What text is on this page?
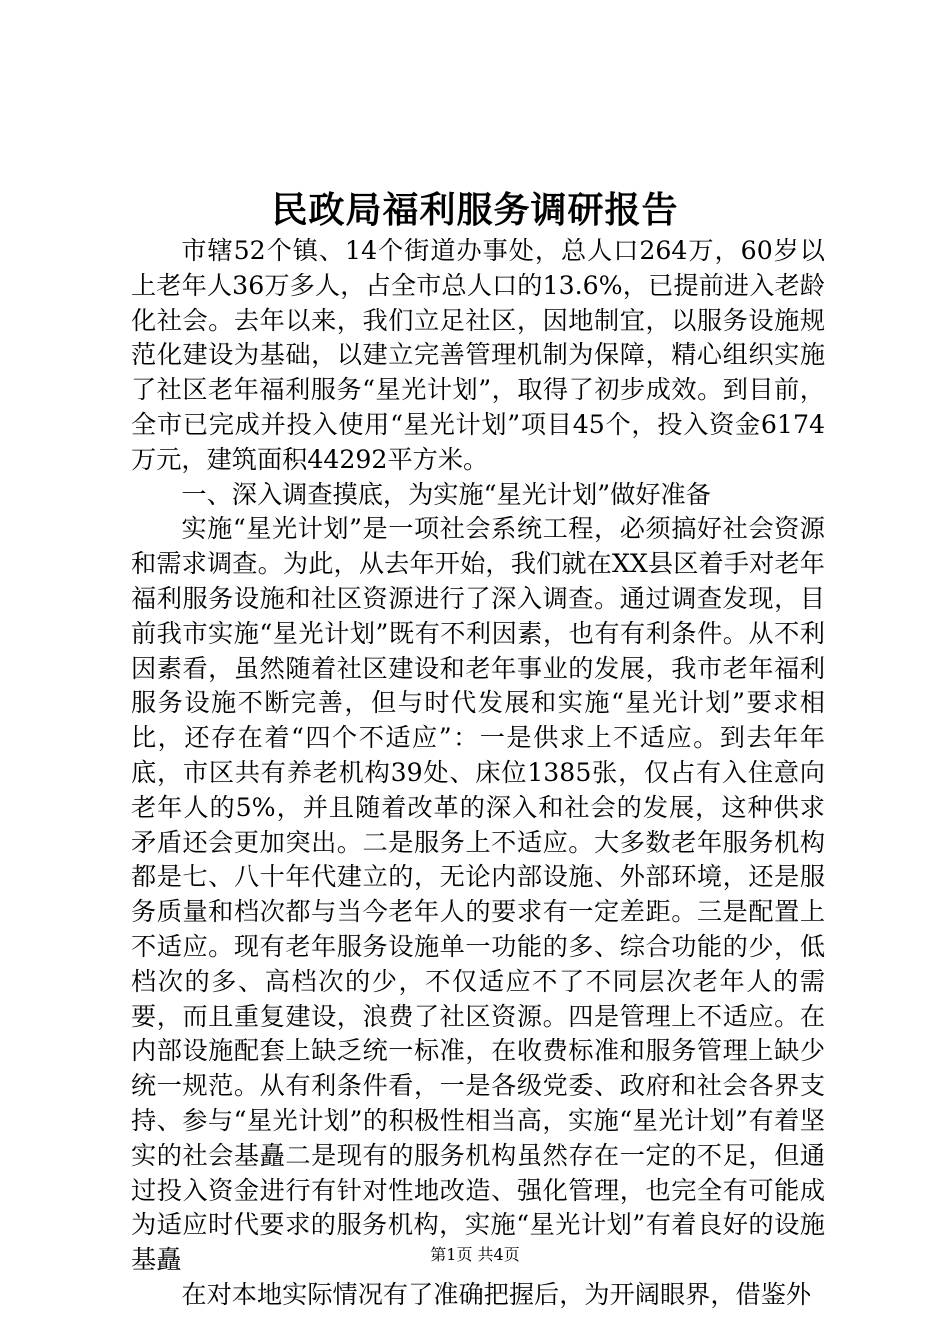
民政局福利服务调研报告

市辖52个镇、14个街道办事处，总人口264万，60岁以上老年人36万多人，占全市总人口的13.6%，已提前进入老龄化社会。去年以来，我们立足社区，因地制宜，以服务设施规范化建设为基础，以建立完善管理机制为保障，精心组织实施了社区老年福利服务“星光计划”，取得了初步成效。到目前，全市已完成并投入使用“星光计划”项目45个，投入资金6174万元，建筑面积44292平方米。

一、深入调查摸底，为实施“星光计划”做好准备

实施“星光计划”是一项社会系统工程，必须搞好社会资源和需求调查。为此，从去年开始，我们就在XX县区着手对老年福利服务设施和社区资源进行了深入调查。通过调查发现，目前我市实施“星光计划”既有不利因素，也有有利条件。从不利因素看，虽然随着社区建设和老年事业的发展，我市老年福利服务设施不断完善，但与时代发展和实施“星光计划”要求相比，还存在着“四个不适应”：一是供求上不适应。到去年年底，市区共有养老机构39处、床位1385张，仅占有入住意向老年人的5%，并且随着改革的深入和社会的发展，这种供求矛盾还会更加突出。二是服务上不适应。大多数老年服务机构都是七、八十年代建立的，无论内部设施、外部环境，还是服务质量和档次都与当今老年人的要求有一定差距。三是配置上不适应。现有老年服务设施单一功能的多、综合功能的少，低档次的多、高档次的少，不仅适应不了不同层次老年人的需要，而且重复建设，浪费了社区资源。四是管理上不适应。在内部设施配套上缺乏统一标准，在收费标准和服务管理上缺少统一规范。从有利条件看，一是各级党委、政府和社会各界支持、参与“星光计划”的积极性相当高，实施“星光计划”有着坚实的社会基矗二是现有的服务机构虽然存在一定的不足，但通过投入资金进行有针对性地改造、强化管理，也完全有可能成为适应时代要求的服务机构，实施“星光计划”有着良好的设施基矗

在对本地实际情况有了准确把握后，为开阔眼界，借鉴外

第1页 共4页
